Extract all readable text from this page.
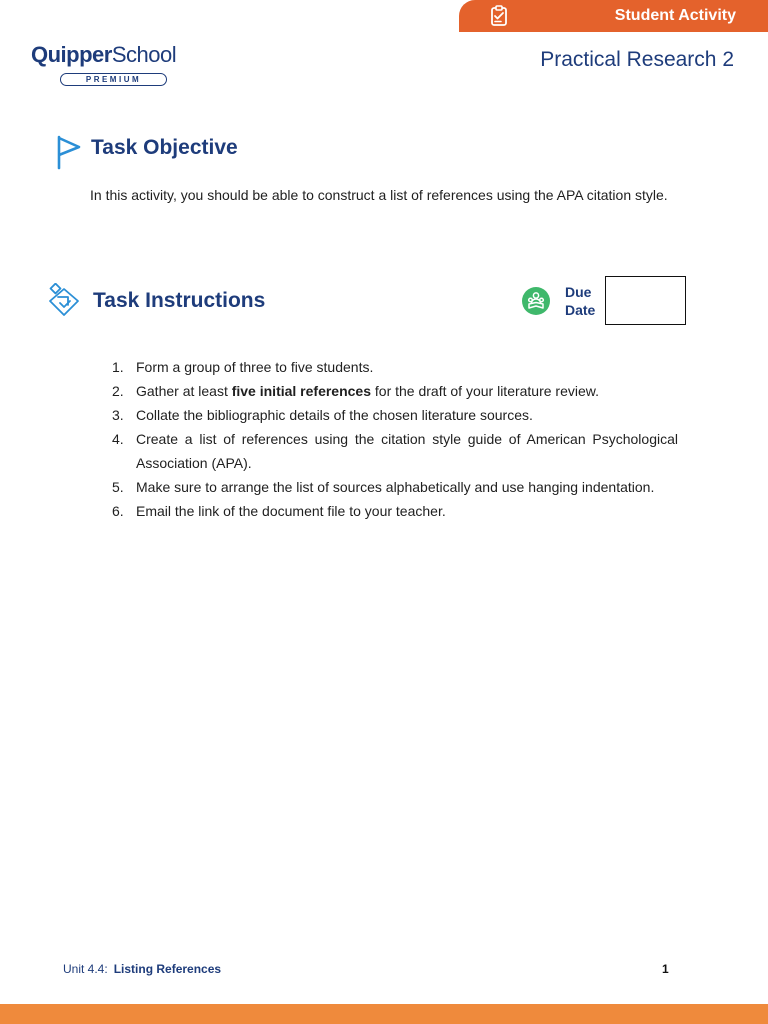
Student Activity
QuipperSchool
PREMIUM
Practical Research 2
Task Objective
In this activity, you should be able to construct a list of references using the APA citation style.
Task Instructions	Due Date
1. Form a group of three to five students.
2. Gather at least five initial references for the draft of your literature review.
3. Collate the bibliographic details of the chosen literature sources.
4. Create a list of references using the citation style guide of American Psychological Association (APA).
5. Make sure to arrange the list of sources alphabetically and use hanging indentation.
6. Email the link of the document file to your teacher.
Unit 4.4: Listing References	1
